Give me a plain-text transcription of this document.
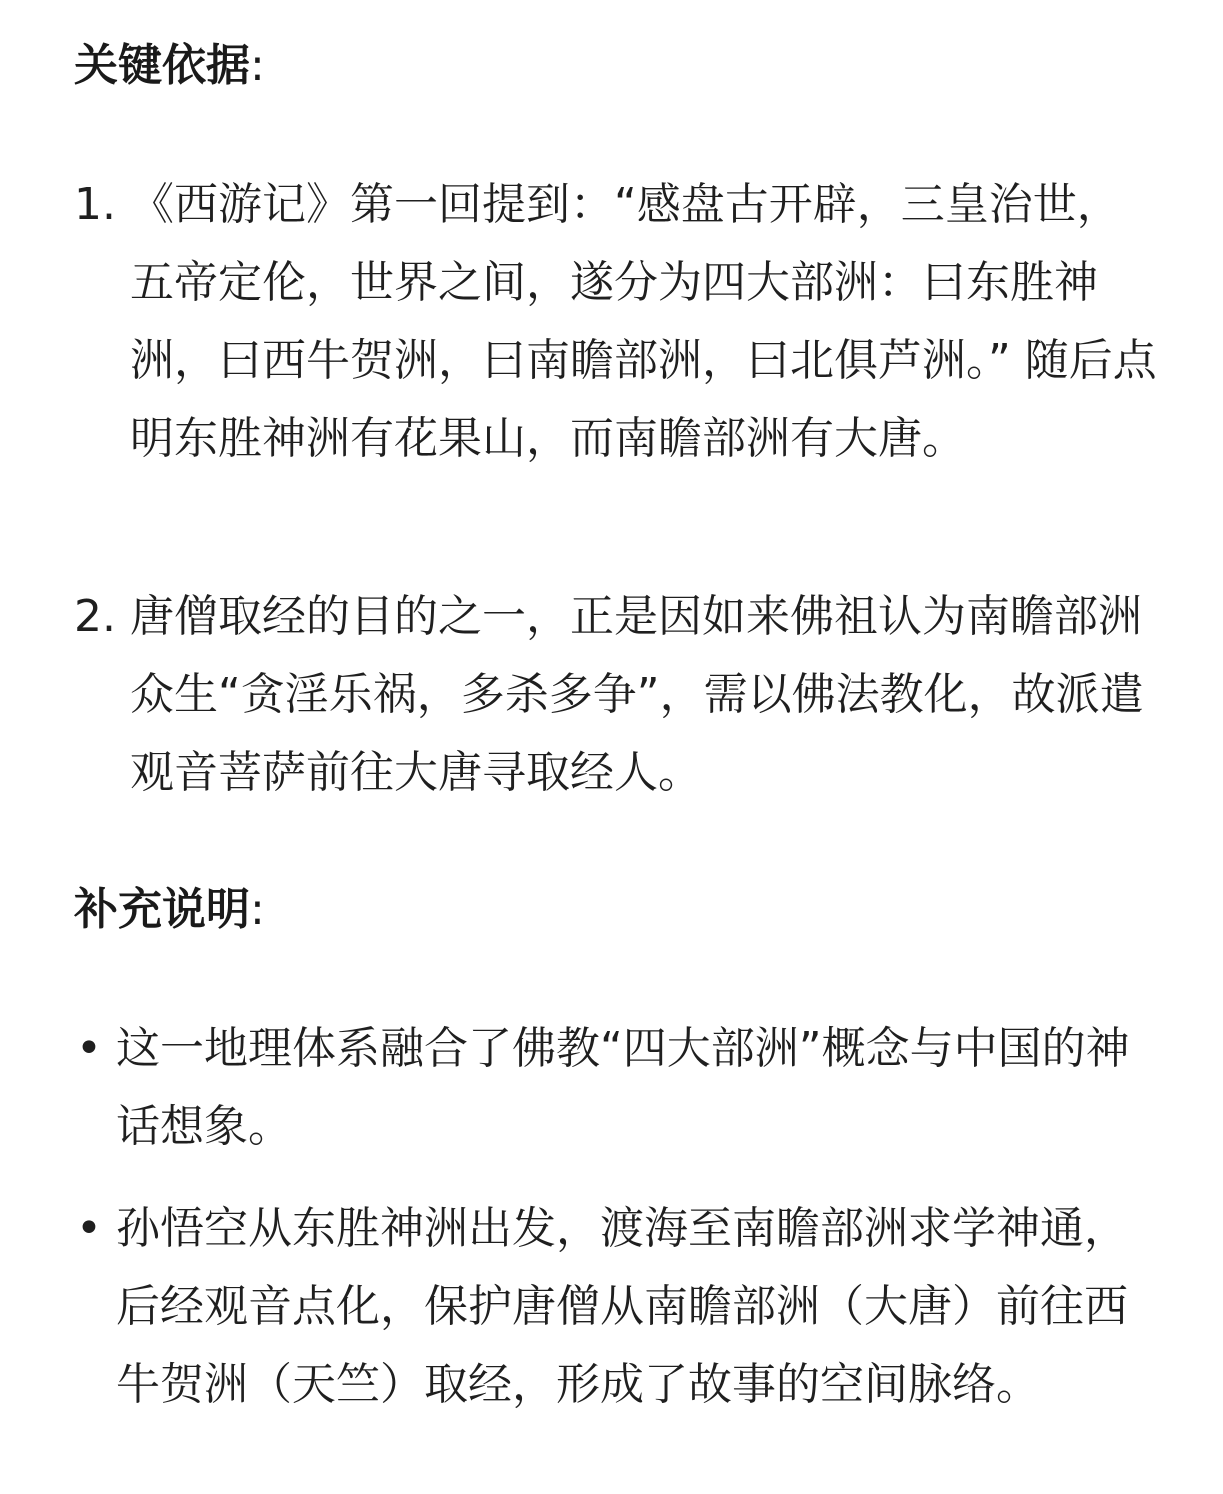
关键依据:
1. 《西游记》第一回提到：“感盘古开辟，三皇治世，五帝定伦，世界之间，遂分为四大部洲：曰东胜神洲，曰西牛贺洲，曰南瞻部洲，曰北俱芦洲。” 随后点明东胜神洲有花果山，而南瞻部洲有大唐。
2. 唐僧取经的目的之一，正是因如来佛祖认为南瞻部洲众生“贪淫乐祸，多杀多争”，需以佛法教化，故派遣观音菩萨前往大唐寻取经人。
补充说明:
• 这一地理体系融合了佛教“四大部洲”概念与中国的神话想象。
• 孙悟空从东胜神洲出发，渡海至南瞻部洲求学神通，后经观音点化，保护唐僧从南瞻部洲（大唐）前往西牛贺洲（天竺）取经，形成了故事的空间脉络。
